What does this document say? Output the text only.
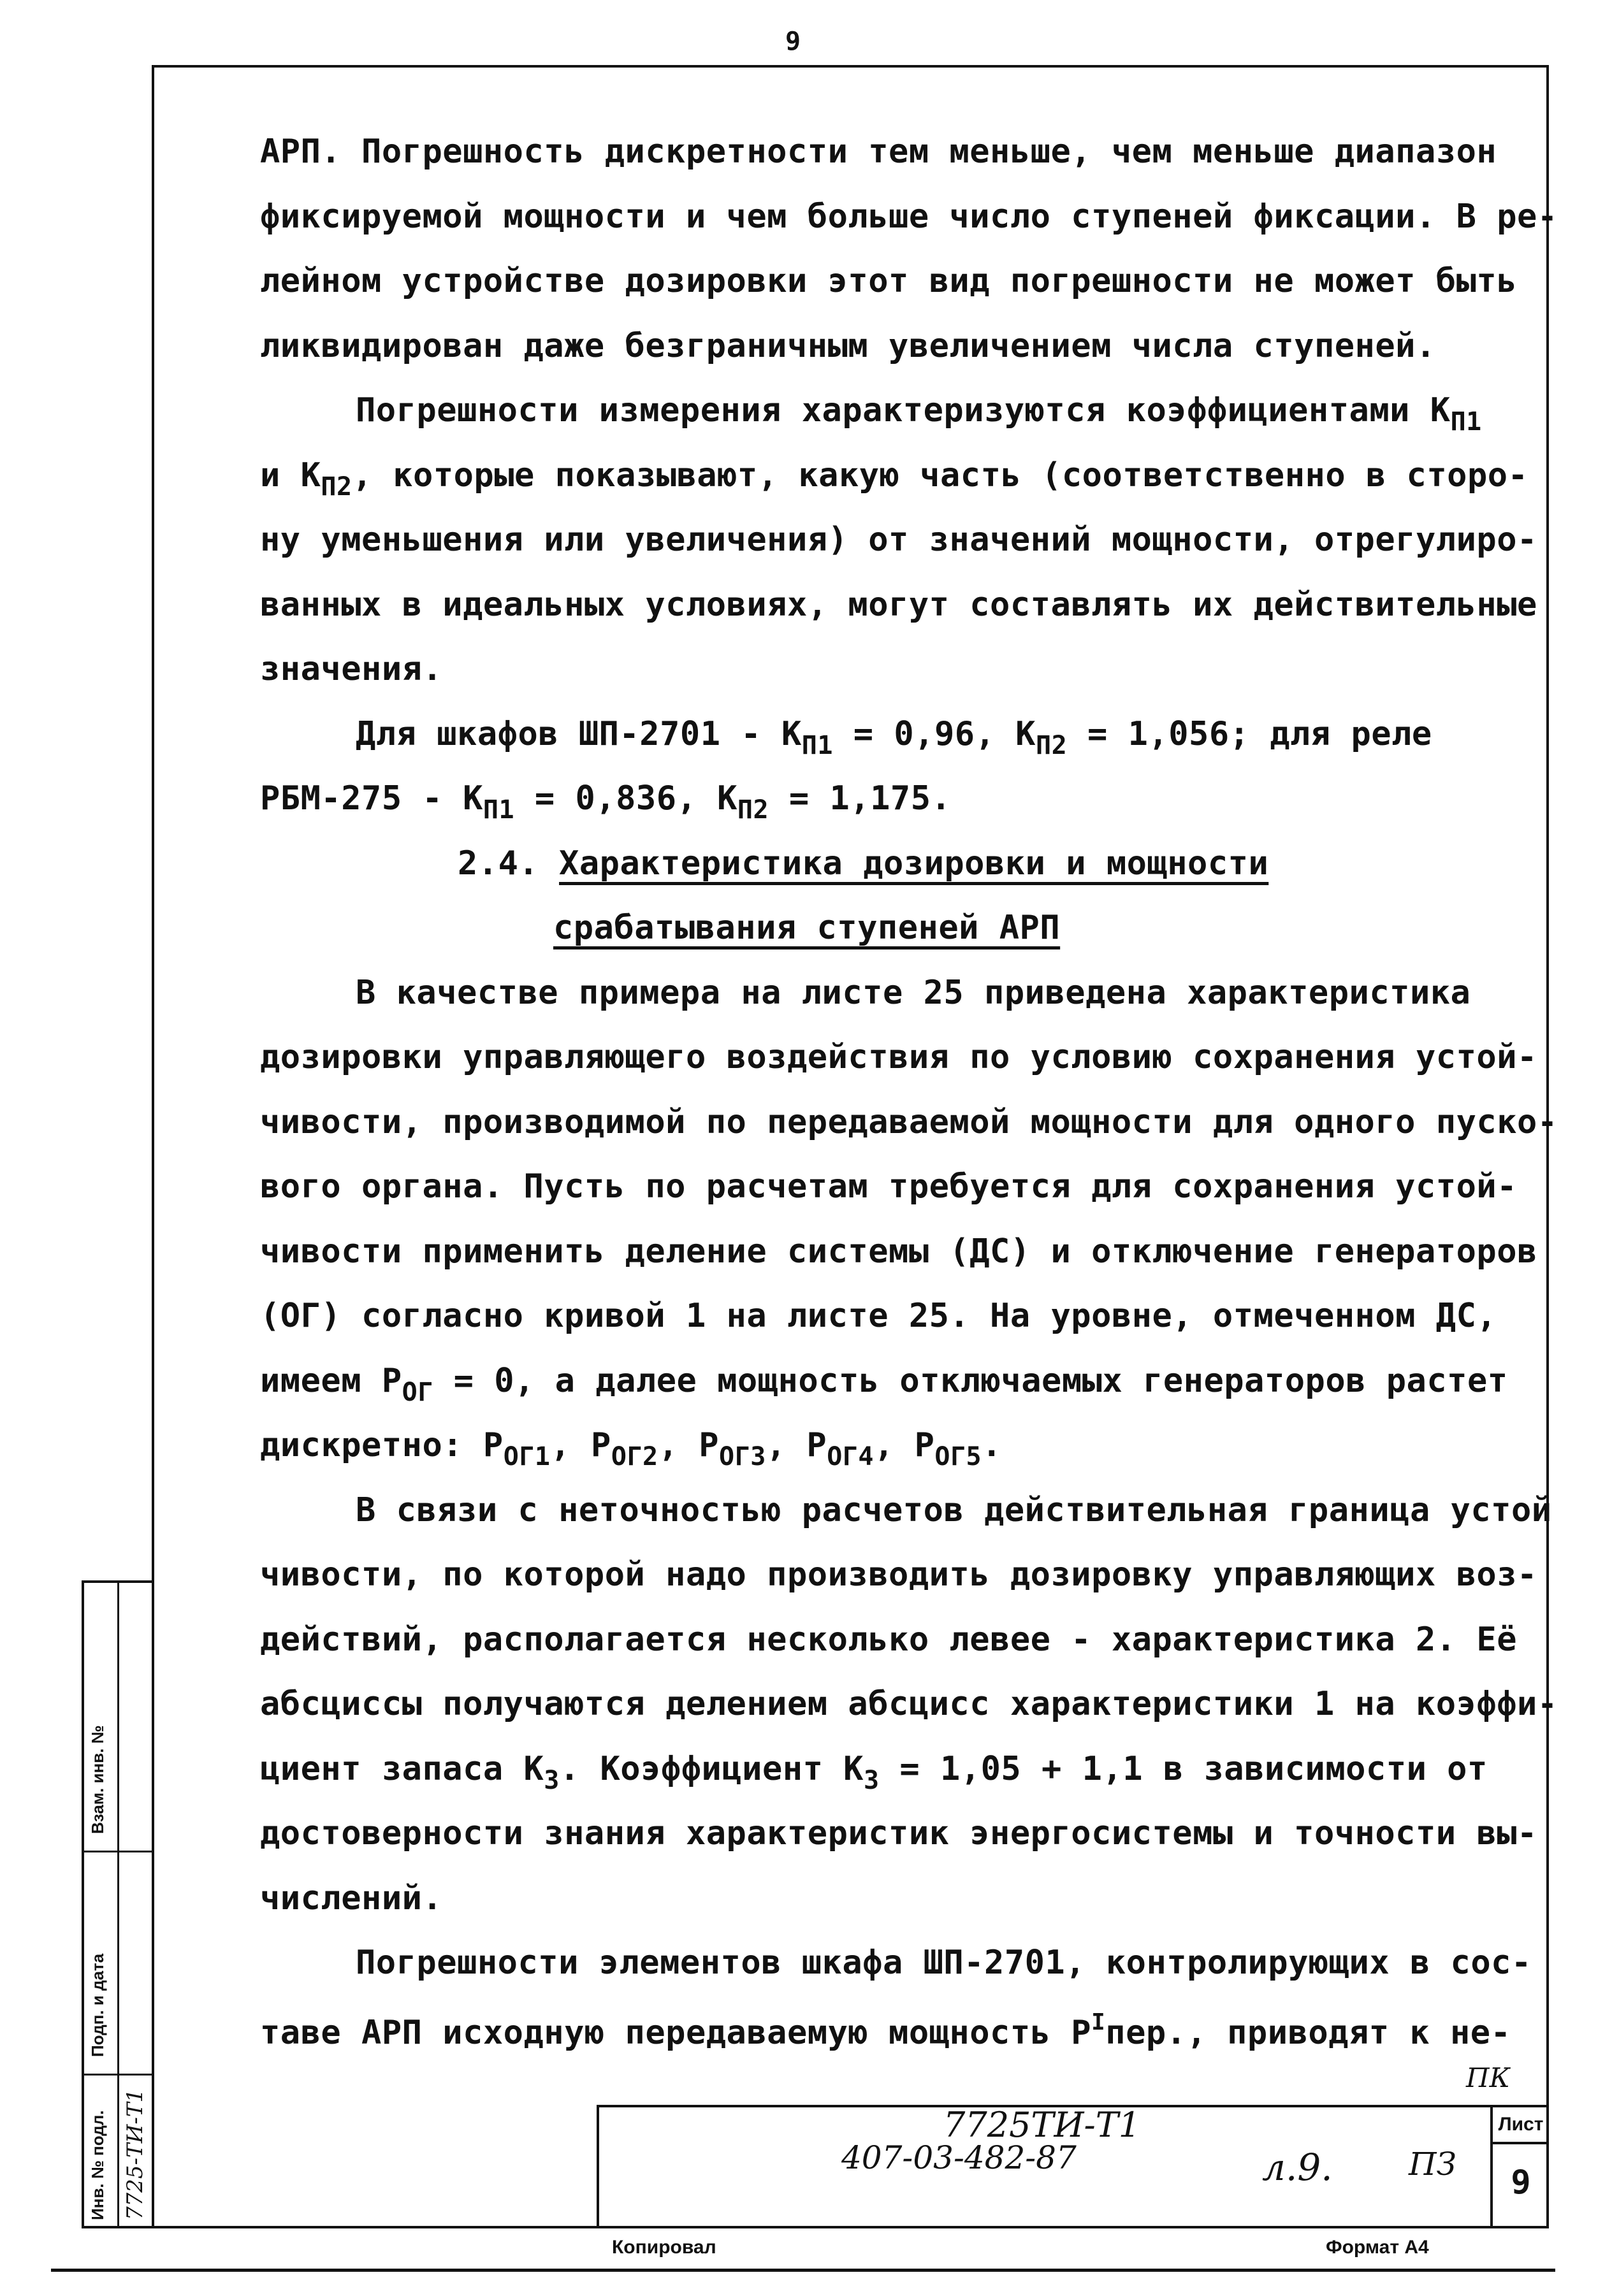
9
АРП. Погрешность дискретности тем меньше, чем меньше диапазон
фиксируемой мощности и чем больше число ступеней фиксации. В ре-
лейном устройстве дозировки этот вид погрешности не может быть
ликвидирован даже безграничным увеличением числа ступеней.
Погрешности измерения характеризуются коэффициентами $К_{П1}$
и $К_{П2}$, которые показывают, какую часть (соответственно в сторо-
ну уменьшения или увеличения) от значений мощности, отрегулиро-
ванных в идеальных условиях, могут составлять их действительные
значения.
Для шкафов $ШП-2701 - К_{П1} = 0,96$, $К_{П2} = 1,056$; для реле
$РБМ-275 - К_{П1} = 0,836$, $К_{П2} = 1,175$.
2.4. Характеристика дозировки и мощности
срабатывания ступеней АРП
В качестве примера на листе 25 приведена характеристика
дозировки управляющего воздействия по условию сохранения устой-
чивости, производимой по передаваемой мощности для одного пуско-
вого органа. Пусть по расчетам требуется для сохранения устой-
чивости применить деление системы (ДС) и отключение генераторов
(ОГ) согласно кривой 1 на листе 25. На уровне, отмеченном ДС,
имеем $Р_{ОГ} = 0$, а далее мощность отключаемых генераторов растет
дискретно: $Р_{ОГ1}$, $Р_{ОГ2}$, $Р_{ОГ3}$, $Р_{ОГ4}$, $Р_{ОГ5}$.
В связи с неточностью расчетов действительная граница устой
чивости, по которой надо производить дозировку управляющих воз-
действий, располагается несколько левее - характеристика 2. Её
абсциссы получаются делением абсцисс характеристики 1 на коэффи-
циент запаса $К_З$. Коэффициент $К_З = 1,05 + 1,1$ в зависимости от
достоверности знания характеристик энергосистемы и точности вы-
числений.
Погрешности элементов шкафа ШП-2701, контролирующих в сос-
таве АРП исходную передаваемую мощность $Р^Iпер$., приводят к не-
Взам. инв. №
Подп. и дата
Инв. № подл. 7725-ТИ-Т1	7725ТИ-Т1
407-03-482-87	л.9. ПЗ
Лист
9
ПК
Копировал	Формат А4
